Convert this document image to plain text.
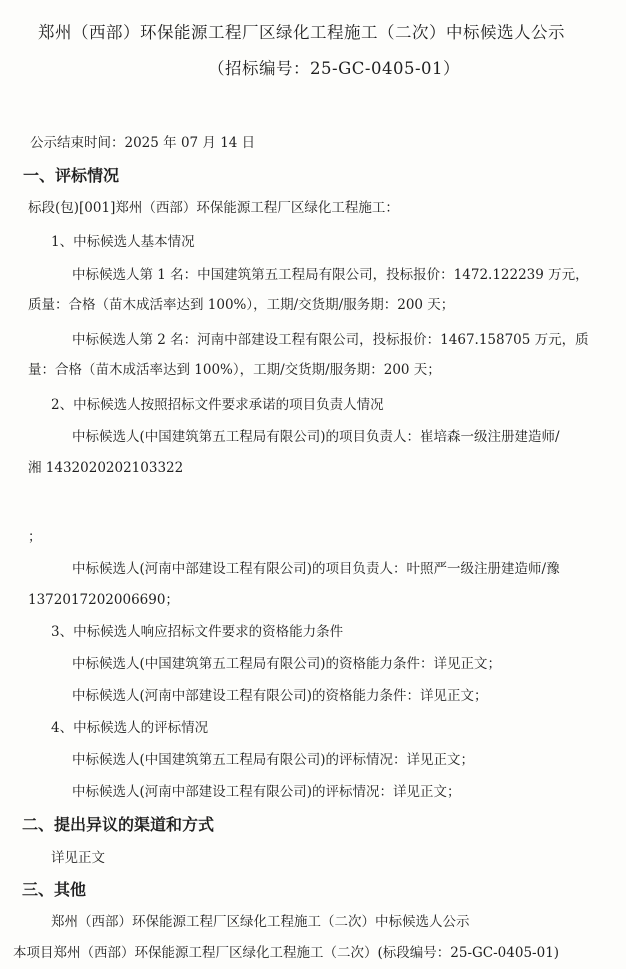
郑州（西部）环保能源工程厂区绿化工程施工（二次）中标候选人公示
（招标编号：25-GC-0405-01）
公示结束时间：2025 年 07 月 14 日
一、评标情况
标段(包)[001]郑州（西部）环保能源工程厂区绿化工程施工：
1、中标候选人基本情况
中标候选人第 1 名：中国建筑第五工程局有限公司，投标报价：1472.122239 万元，
质量：合格（苗木成活率达到 100%），工期/交货期/服务期：200 天；
中标候选人第 2 名：河南中部建设工程有限公司，投标报价：1467.158705 万元，质
量：合格（苗木成活率达到 100%），工期/交货期/服务期：200 天；
2、中标候选人按照招标文件要求承诺的项目负责人情况
中标候选人(中国建筑第五工程局有限公司)的项目负责人：崔培森一级注册建造师/
湘 1432020202103322
；
中标候选人(河南中部建设工程有限公司)的项目负责人：叶照严一级注册建造师/豫
1372017202006690；
3、中标候选人响应招标文件要求的资格能力条件
中标候选人(中国建筑第五工程局有限公司)的资格能力条件：详见正文；
中标候选人(河南中部建设工程有限公司)的资格能力条件：详见正文；
4、中标候选人的评标情况
中标候选人(中国建筑第五工程局有限公司)的评标情况：详见正文；
中标候选人(河南中部建设工程有限公司)的评标情况：详见正文；
二、提出异议的渠道和方式
详见正文
三、其他
郑州（西部）环保能源工程厂区绿化工程施工（二次）中标候选人公示
本项目郑州（西部）环保能源工程厂区绿化工程施工（二次）(标段编号：25-GC-0405-01)
